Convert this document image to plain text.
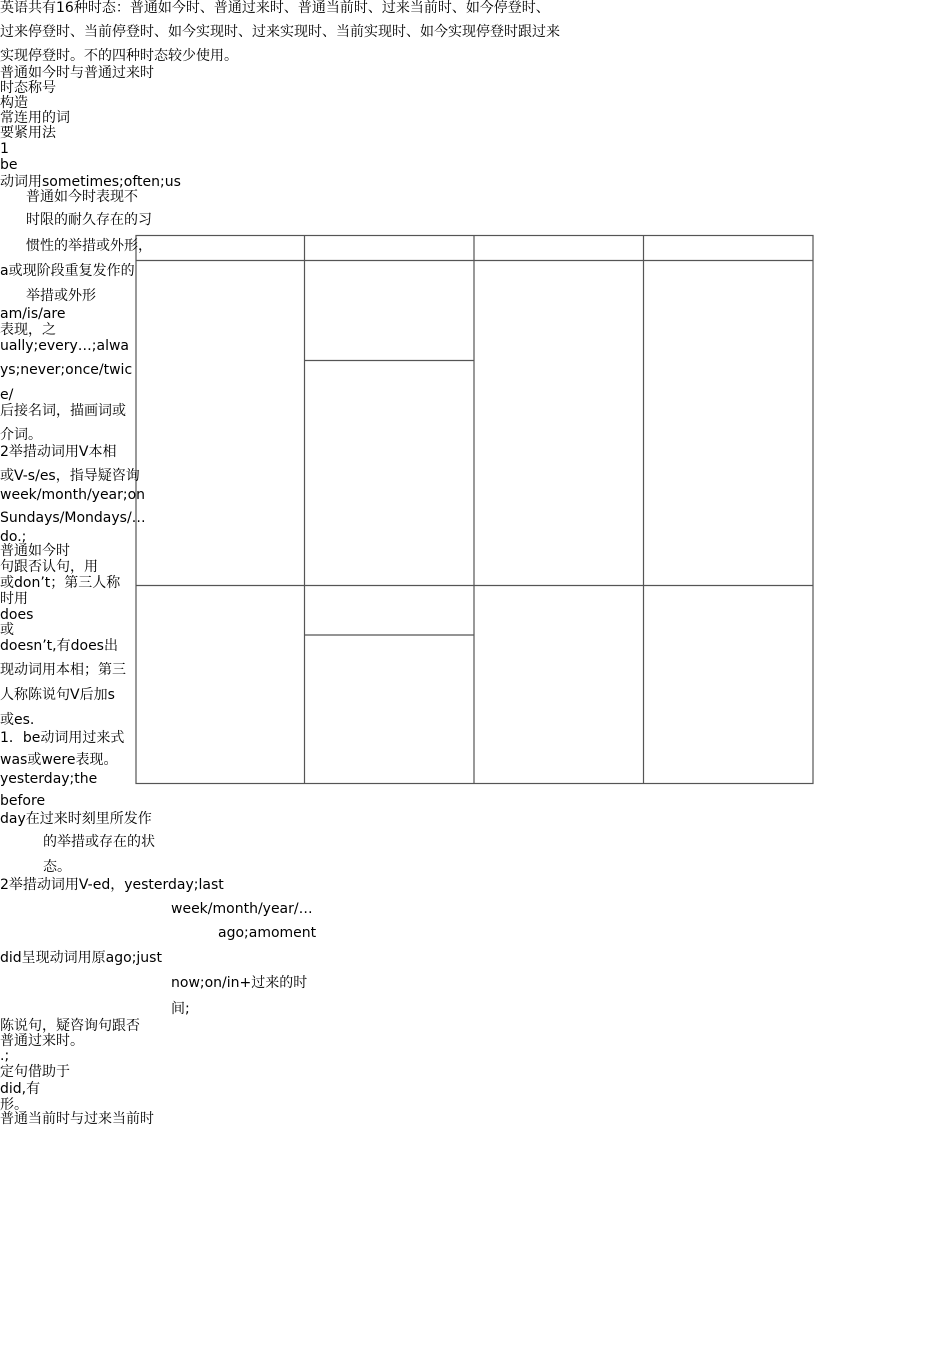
英语共有16种时态：普通如今时、普通过来时、普通当前时、过来当前时、如今停登时、
过来停登时、当前停登时、如今实现时、过来实现时、当前实现时、如今实现停登时跟过来
实现停登时。不的四种时态较少使用。
普通如今时与普通过来时
时态称号
构造
常连用的词
要紧用法
1
be
动词用sometimes;often;us
普通如今时表现不
时限的耐久存在的习
惯性的举措或外形，
a或现阶段重复发作的
举措或外形
am/is/are
表现，之
ually;every…;alwa
ys;never;once/twic
e/
后接名词，描画词或
介词。
2举措动词用V本相
或V-s/es，指导疑咨询
week/month/year;on
Sundays/Mondays/…
do.;
普通如今时
句跟否认句，用
或don’t；第三人称
时用
does
或
doesn’t,有does出
现动词用本相；第三
人称陈说句V后加s
或es.
1．be动词用过来式
was或were表现。
yesterday;the
before
day在过来时刻里所发作
的举措或存在的状
态。
2举措动词用V-ed，yesterday;last
week/month/year/…
ago;amoment
did呈现动词用原ago;just
now;on/in+过来的时
间;
陈说句，疑咨询句跟否
普通过来时。
.;
定句借助于
did,有
形。
普通当前时与过来当前时
